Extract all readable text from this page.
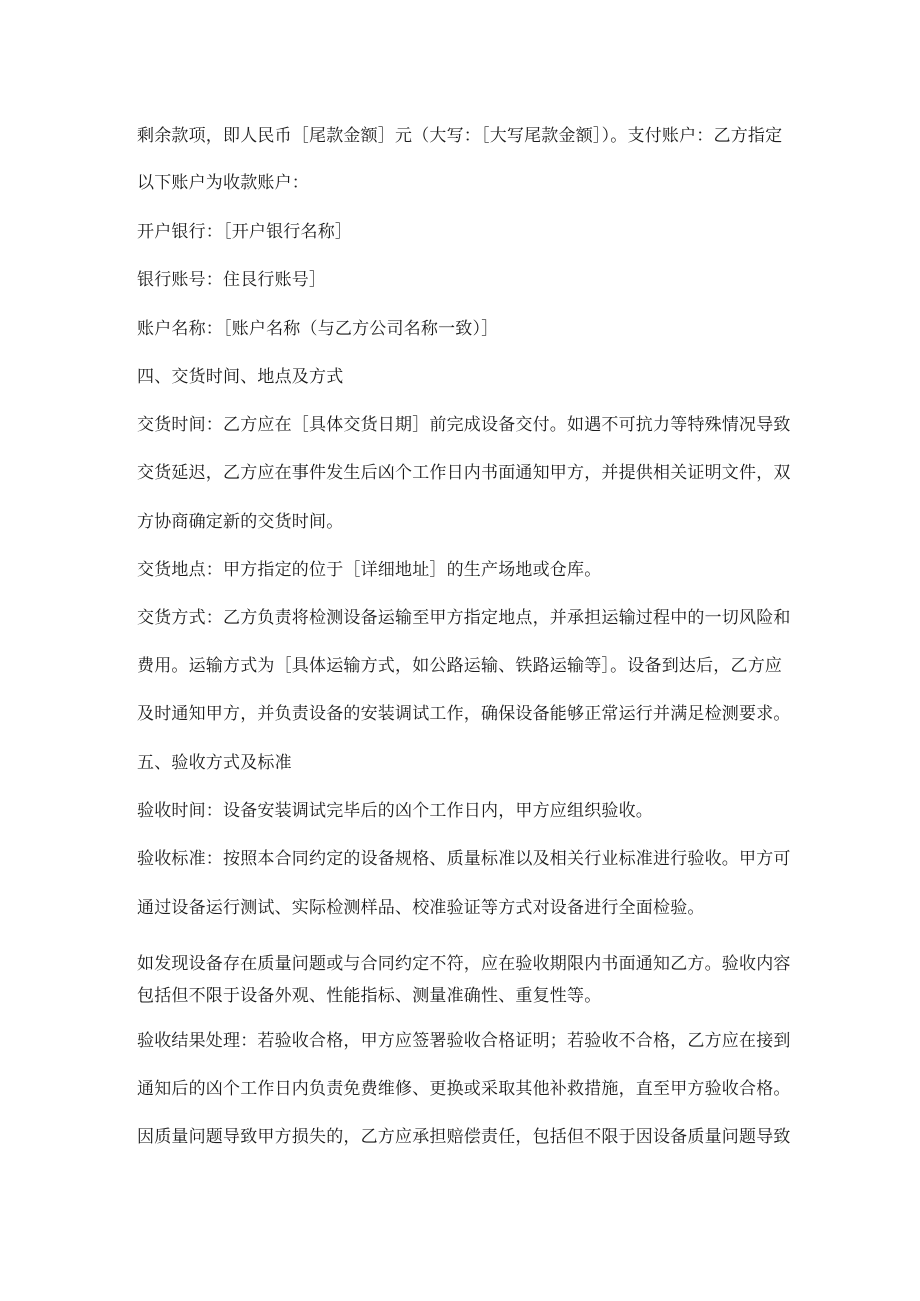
剩余款项，即人民币［尾款金额］元（大写：［大写尾款金额］）。支付账户：乙方指定
以下账户为收款账户：
开户银行：［开户银行名称］
银行账号：住艮行账号］
账户名称：［账户名称（与乙方公司名称一致）］
四、交货时间、地点及方式
交货时间：乙方应在［具体交货日期］前完成设备交付。如遇不可抗力等特殊情况导致
交货延迟，乙方应在事件发生后凶个工作日内书面通知甲方，并提供相关证明文件，双
方协商确定新的交货时间。
交货地点：甲方指定的位于［详细地址］的生产场地或仓库。
交货方式：乙方负责将检测设备运输至甲方指定地点，并承担运输过程中的一切风险和
费用。运输方式为［具体运输方式，如公路运输、铁路运输等］。设备到达后，乙方应
及时通知甲方，并负责设备的安装调试工作，确保设备能够正常运行并满足检测要求。
五、验收方式及标准
验收时间：设备安装调试完毕后的凶个工作日内，甲方应组织验收。
验收标准：按照本合同约定的设备规格、质量标准以及相关行业标准进行验收。甲方可
通过设备运行测试、实际检测样品、校准验证等方式对设备进行全面检验。
如发现设备存在质量问题或与合同约定不符，应在验收期限内书面通知乙方。验收内容
包括但不限于设备外观、性能指标、测量准确性、重复性等。
验收结果处理：若验收合格，甲方应签署验收合格证明；若验收不合格，乙方应在接到
通知后的凶个工作日内负责免费维修、更换或采取其他补救措施，直至甲方验收合格。
因质量问题导致甲方损失的，乙方应承担赔偿责任，包括但不限于因设备质量问题导致
